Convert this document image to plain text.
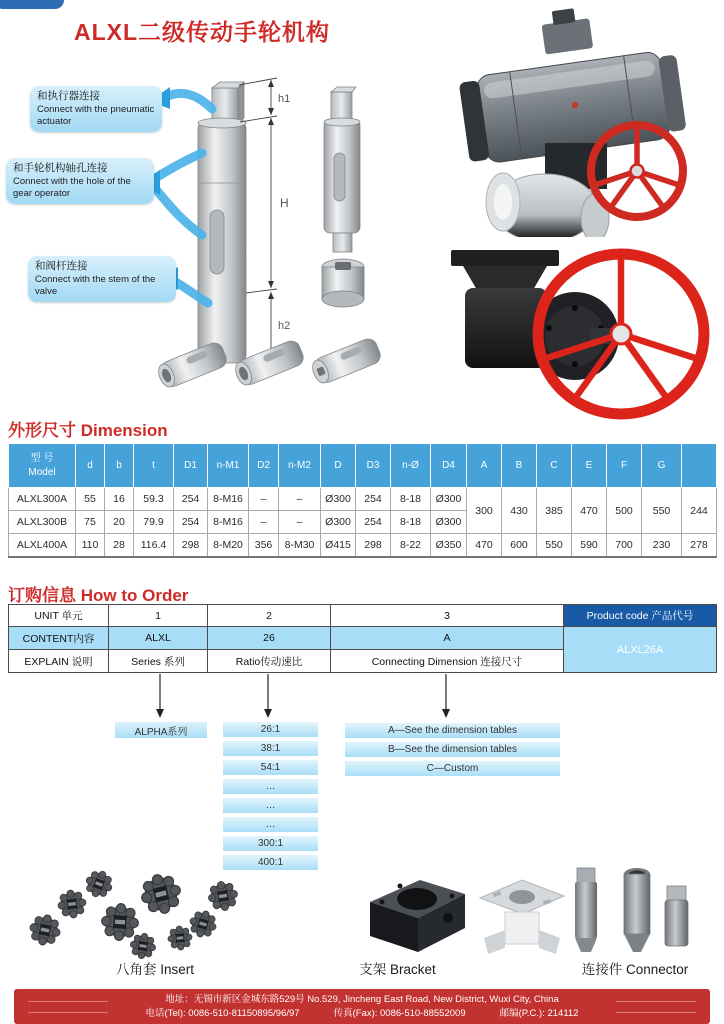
ALXL二级传动手轮机构
h1
H
h2
和执行器连接
Connect with the pneumatic actuator
和手轮机构轴孔连接
Connect with the hole of the gear operator
和阀杆连接
Connect with the stem of the valve
外形尺寸 Dimension
型 号
Model	d	b	t	D1	n-M1	D2	n-M2	D	D3	n-Ø	D4	A	B	C	E	F	G	
ALXL300A	55	16	59.3	254	8-M16	–	–	Ø300	254	8-18	Ø300	300	430	385	470	500	550	244
ALXL300B	75	20	79.9	254	8-M16	–	–	Ø300	254	8-18	Ø300							
ALXL400A	110	28	116.4	298	8-M20	356	8-M30	Ø415	298	8-22	Ø350	470	600	550	590	700	230	278
订购信息 How to Order
UNIT 单元	1	2	3	Product code 产品代号
CONTENT内容	ALXL	26	A	ALXL26A
EXPLAIN 说明	Series 系列	Ratio传动速比	Connecting Dimension 连接尺寸	
ALPHA系列	26:1
38:1
54:1
…
…
…
300:1
400:1
A—See the dimension tables
B—See the dimension tables
C—Custom
八角套 Insert	支架 Bracket	连接件 Connector
地址：无锡市新区金城东路529号 No.529, Jincheng East Road, New District, Wuxi City, China
电话(Tel): 0086-510-81150895/96/97	传真(Fax): 0086-510-88552009	邮编(P.C.): 214112
